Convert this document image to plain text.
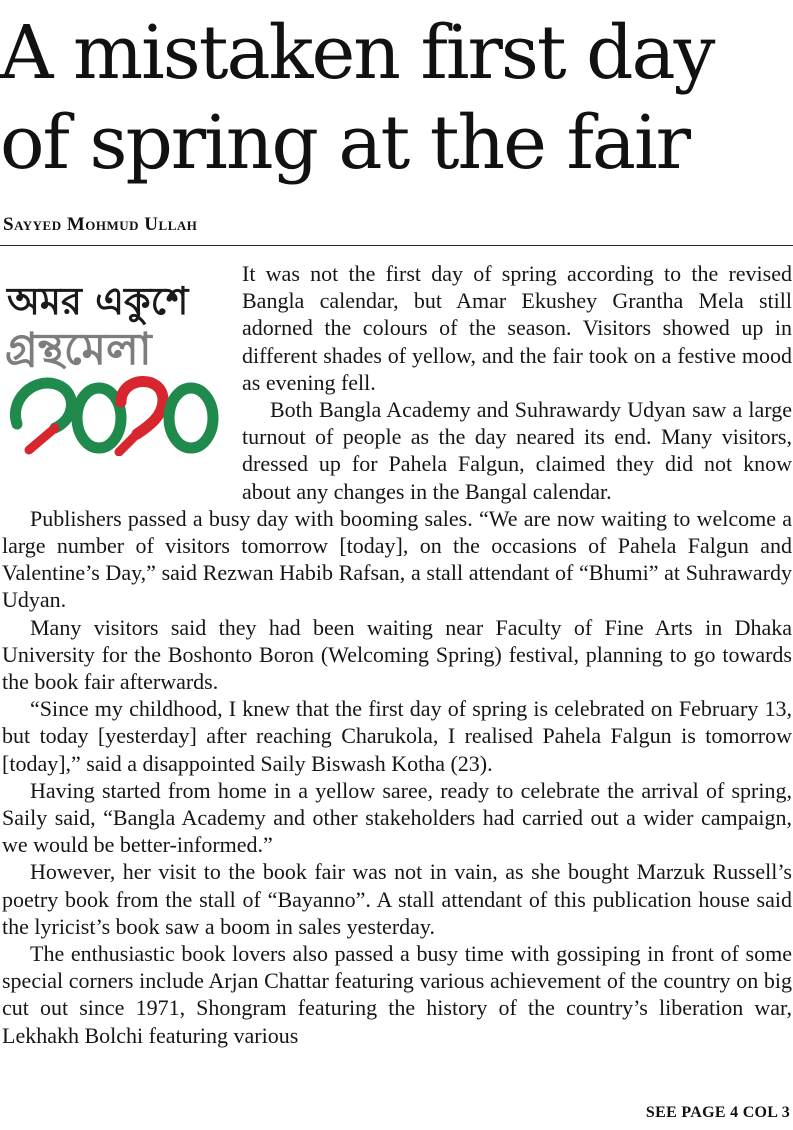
A mistaken first day
of spring at the fair
Sayyed Mohmud Ullah
অমর একুশে
গ্রন্থমেলা
২০২০	It was not the first day of spring according to the revised Bangla calendar, but Amar Ekushey Grantha Mela still adorned the colours of the season. Visitors showed up in different shades of yellow, and the fair took on a festive mood as evening fell.

Both Bangla Academy and Suhrawardy Udyan saw a large turnout of people as the day neared its end. Many visitors, dressed up for Pahela Falgun, claimed they did not know about any changes in the Bangal calendar.

Publishers passed a busy day with booming sales. “We are now waiting to welcome a large number of visitors tomorrow [today], on the occasions of Pahela Falgun and Valentine’s Day,” said Rezwan Habib Rafsan, a stall attendant of “Bhumi” at Suhrawardy Udyan.

Many visitors said they had been waiting near Faculty of Fine Arts in Dhaka University for the Boshonto Boron (Welcoming Spring) festival, planning to go towards the book fair afterwards.

“Since my childhood, I knew that the first day of spring is celebrated on February 13, but today [yesterday] after reaching Charukola, I realised Pahela Falgun is tomorrow [today],” said a disappointed Saily Biswash Kotha (23).

Having started from home in a yellow saree, ready to celebrate the arrival of spring, Saily said, “Bangla Academy and other stakeholders had carried out a wider campaign, we would be better-informed.”

However, her visit to the book fair was not in vain, as she bought Marzuk Russell’s poetry book from the stall of “Bayanno”. A stall attendant of this publication house said the lyricist’s book saw a boom in sales yesterday.

The enthusiastic book lovers also passed a busy time with gossiping in front of some special corners include Arjan Chattar featuring various achievement of the country on big cut out since 1971, Shongram featuring the history of the country’s liberation war, Lekhakh Bolchi featuring various

SEE PAGE 4 COL 3
